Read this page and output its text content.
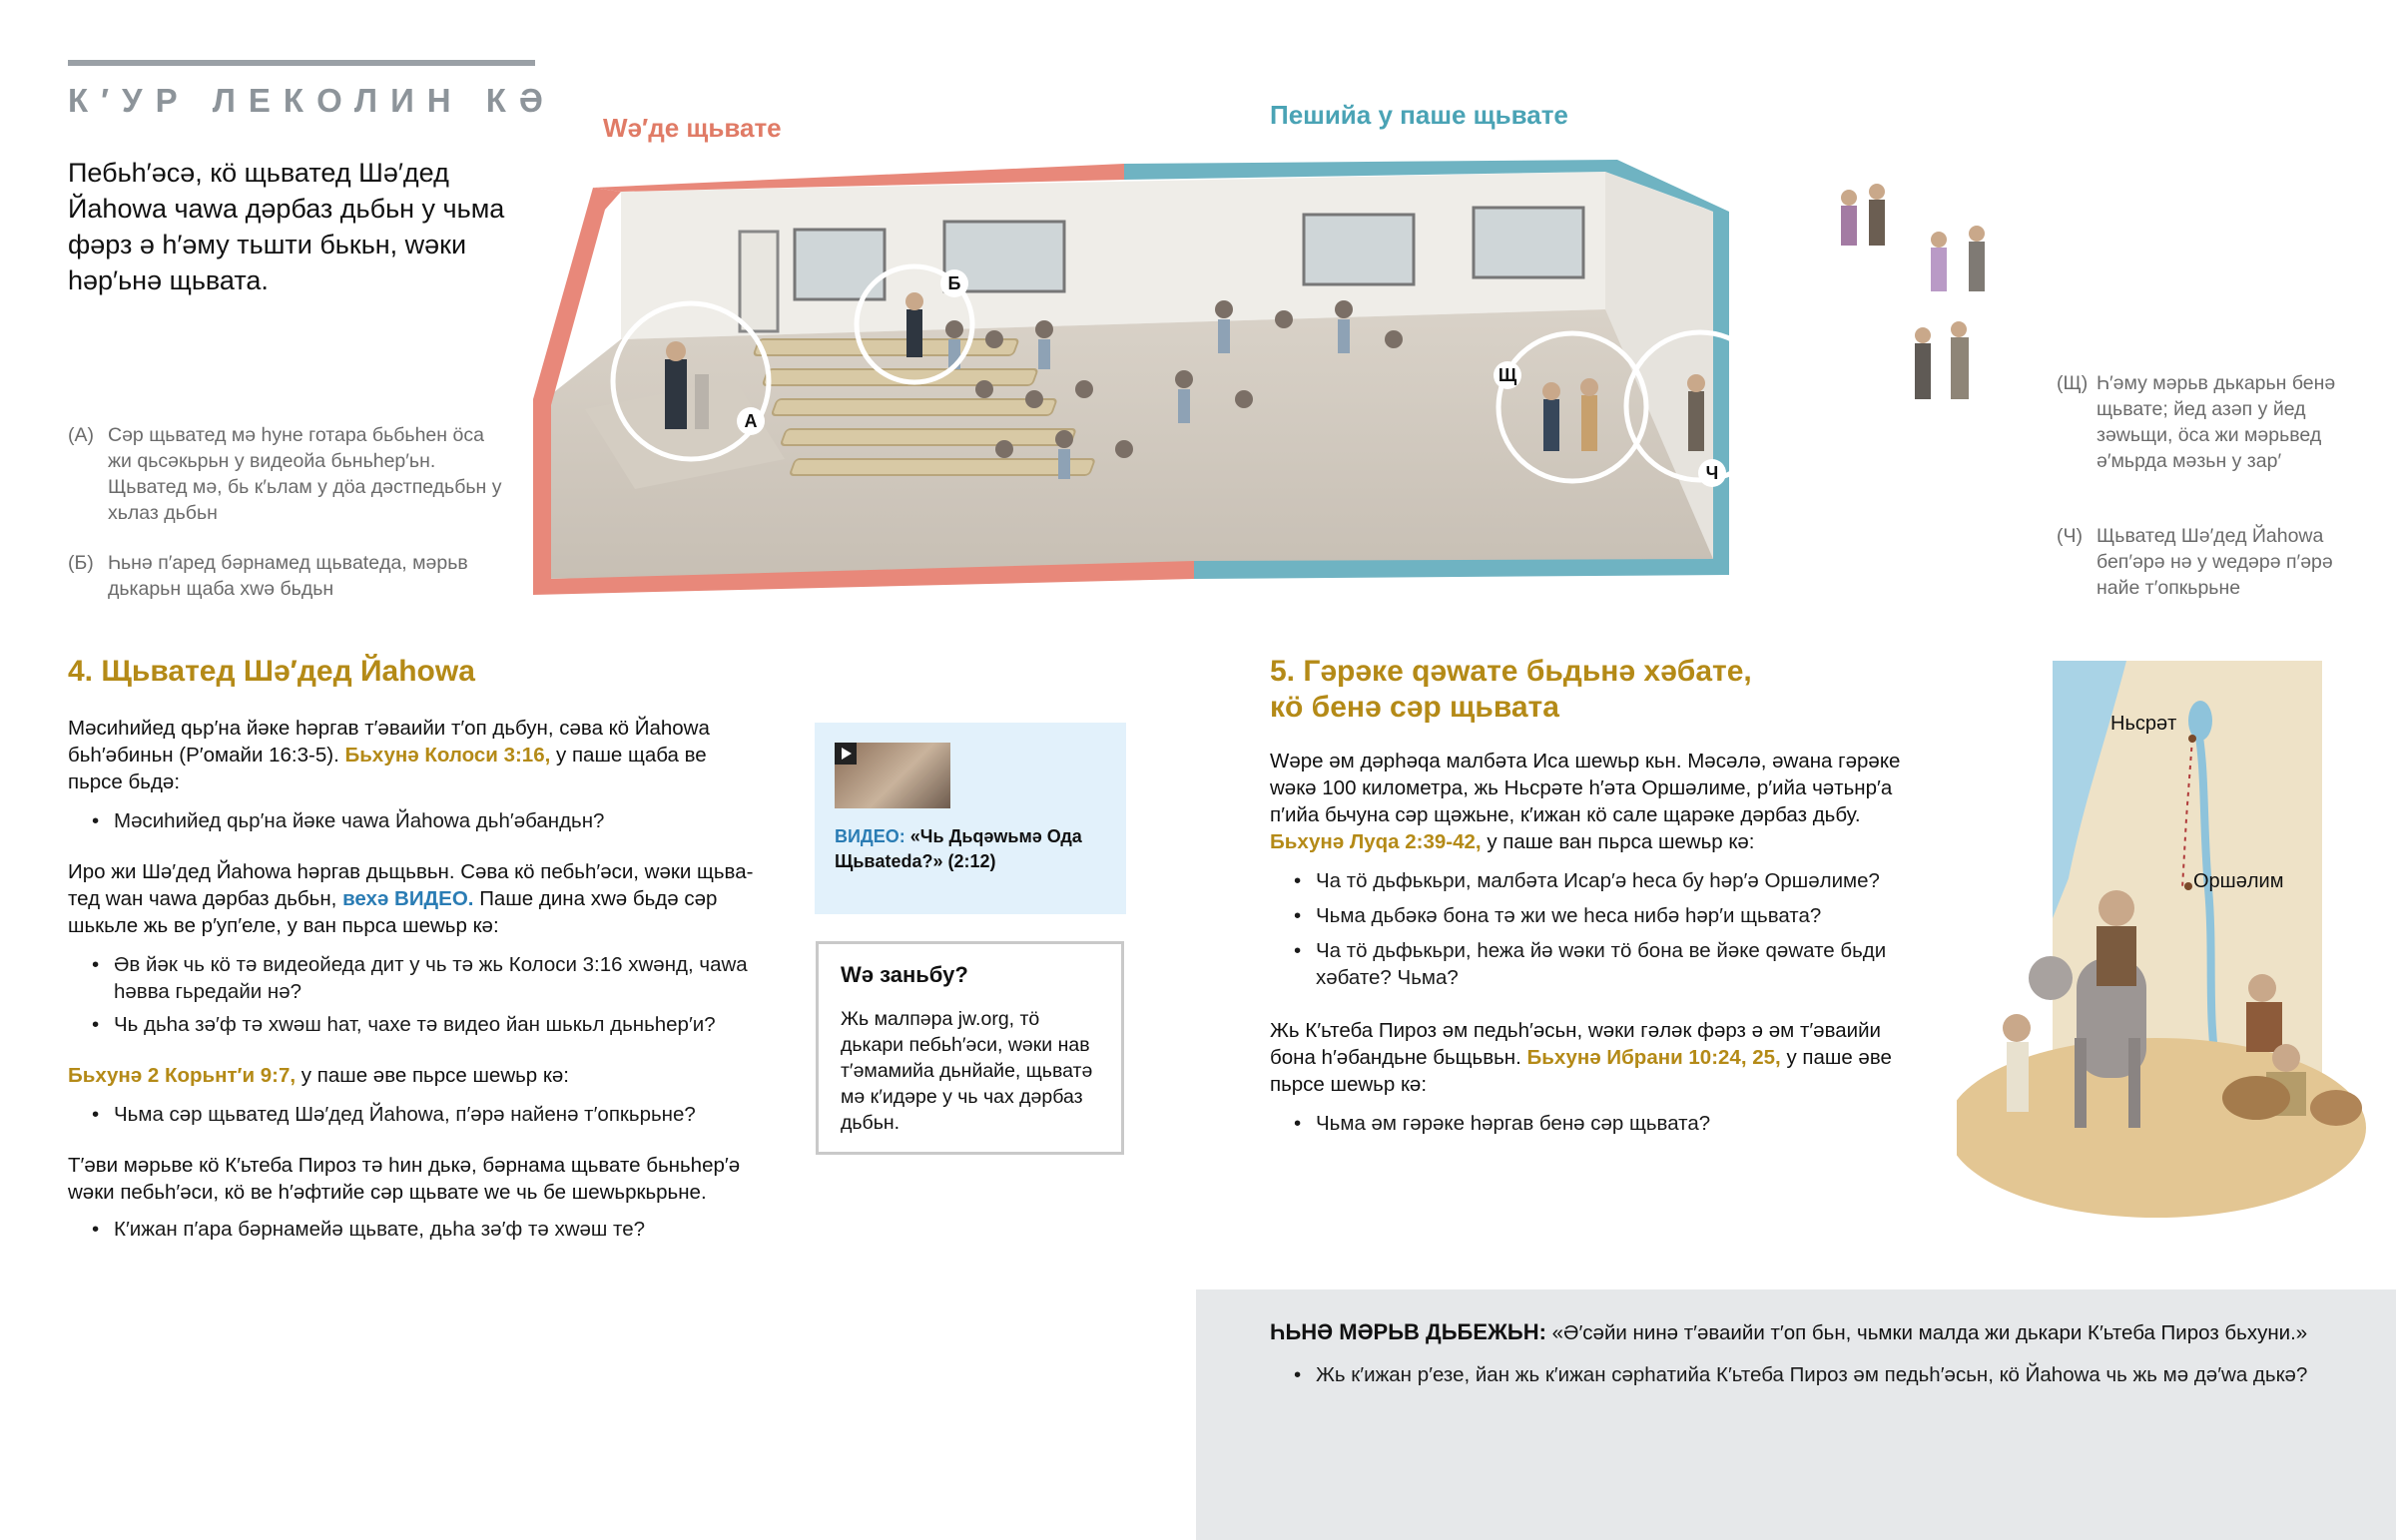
К′УР ЛЕКОЛИН КӘ
Пебьһ′әсә, кӧ щьватед Шә′дед Йаһowa чаwа дәрбаз дьбьн у чьма фәрз ә һ′әму тьшти бькьн, wәки һәр′ьнә щьвата.
Wә′де щьвате	Пешийа у паше щьвате
А
Б
Щ
Ч
(А) Сәр щьватед мә һуне готара бьбьһен ӧса жи qьсәкьрьн у видеойа бьньһер′ьн. Щьватед мә, бь к′ьлам у дӧа дәстпедьбьн у хьлаз дьбьн
(Б) Һьнә п′аред бәрнамед щьвateда, мәрьв дькарьн щаба хwә бьдьн
(Щ) Һ′әму мәрьв дькарьн бенә щьвате; йед азәп у йед зәwьщи, ӧса жи мәрьвед ә′мьрда мәзьн у зар′
(Ч) Щьватед Шә′дед Йаһowa беп′әрә нә у wедәрә п′әрә найе т′опкьрьне
4. Щьватед Шә′дед Йаһowa
Мәсиһийед qьр′на йәке һәргав т′әваийи т′оп дьбун, сәва кӧ Йаһowa бьһ′әбиньн (Р′омайи 16:3-5). Бьхунә Колоси 3:16, у паше щаба ве пьрсе бьдә:
• Мәсиһийед qьр′на йәке чаwа Йаһowa дьһ′әбандьн?
Иро жи Шә′дед Йаһowa һәргав дьщьвьн. Сәва кӧ пебьһ′әси, wәки щьватед wан чаwа дәрбаз дьбьн, вехә ВИДЕО. Паше дина хwә бьдә сәр шькьле жь ве р′уп′еле, у ван пьрса шеwьр кә:
• Әв йәк чь кӧ тә видеойеда дит у чь тә жь Колоси 3:16 хwәнд, чаwа һәвва гьредайи нә?
• Чь дьһа зә′ф тә хwәш һат, чахе тә видео йан шькьл дьньһер′и?
Бьхунә 2 Корьнт′и 9:7, у паше әве пьрсе шеwьр кә:
• Чьма сәр щьватед Шә′дед Йаһowa, п′әрә найенә т′опкьрьне?
Т′әви мәрьве кӧ К′ьтеба Пироз тә һин дькә, бәрнама щьвате бьньһер′ә wәки пебьһ′әси, кӧ ве һ′әфтийе сәр щьвате wе чь бе шеwьркьрьне.
• К′ижан п′ара бәрнамейә щьвате, дьһа зә′ф тә хwәш те?
ВИДЕО: «Чь Дьqәwьмә Ода Щьвatedа?» (2:12)
Wә заньбу?
Жь малпәра jw.org, тӧ дькари пебьһ′әси, wәки нав т′әмамийа дьнйайе, щьватә мә к′идәре у чь чах дәрбаз дьбьн.
5. Гәрәке qәwате бьдьнә хәбате,
кӧ бенә сәр щьвата
Wәре әм дәрһәqа малбәта Иса шеwьр кьн. Мәсәлә, әwана гәрәке wәкә 100 километра, жь Ньсрәте һ′әта Оршәлиме, р′ийа чәтьнр′а п′ийа бьчуна сәр щәжьне, к′ижан кӧ сале щарәке дәрбаз дьбу. Бьхунә Луqа 2:39-42, у паше ван пьрса шеwьр кә:
• Ча тӧ дьфькьри, малбәта Исар′ә һеса бу һәр′ә Оршәлиме?
• Чьма дьбәкә бона тә жи wе һеса нибә һәр′и щьвата?
• Ча тӧ дьфькьри, һежа йә wәки тӧ бона ве йәке qәwате бьди хәбате? Чьма?
Жь К′ьтеба Пироз әм педьһ′әсьн, wәки гәләк фәрз ә әм т′әваийи бона һ′әбандьне бьщьвьн. Бьхунә Ибрани 10:24, 25, у паше әве пьрсе шеwьр кә:
• Чьма әм гәрәке һәргав бенә сәр щьвата?
Ньсрәт
Оршәлим
ҺЬНӘ МӘРЬВ ДЬБЕЖЬН: «Ә′сәйи нинә т′әваийи т′оп бьн, чьмки малда жи дькари К′ьтеба Пироз бьхуни.»
• Жь к′ижан р′езе, йан жь к′ижан сәрһатийа К′ьтеба Пироз әм педьһ′әсьн, кӧ Йаһowa чь жь мә дә′wа дькә?
